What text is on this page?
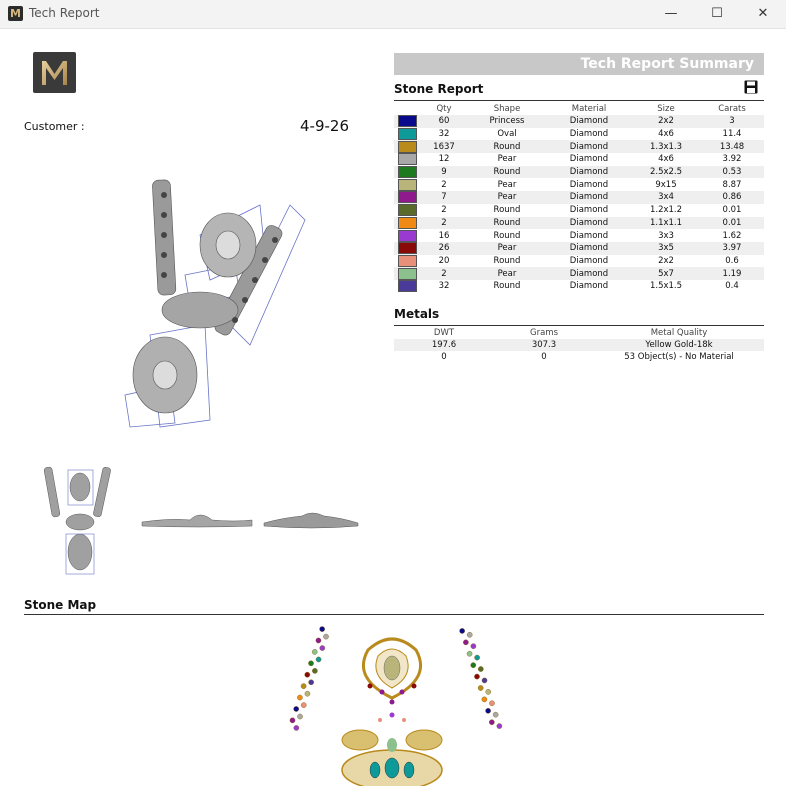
M Tech Report	—	☐	✕
Customer :	4-9-26
Tech Report Summary
Stone Report
	Qty	Shape	Material	Size	Carats
	60	Princess	Diamond	2x2	3
	32	Oval	Diamond	4x6	11.4
	1637	Round	Diamond	1.3x1.3	13.48
	12	Pear	Diamond	4x6	3.92
	9	Round	Diamond	2.5x2.5	0.53
	2	Pear	Diamond	9x15	8.87
	7	Pear	Diamond	3x4	0.86
	2	Round	Diamond	1.2x1.2	0.01
	2	Round	Diamond	1.1x1.1	0.01
	16	Round	Diamond	3x3	1.62
	26	Pear	Diamond	3x5	3.97
	20	Round	Diamond	2x2	0.6
	2	Pear	Diamond	5x7	1.19
	32	Round	Diamond	1.5x1.5	0.4
Metals
DWT	Grams	Metal Quality
197.6	307.3	Yellow Gold-18k
0	0	53 Object(s) - No Material
Stone Map
